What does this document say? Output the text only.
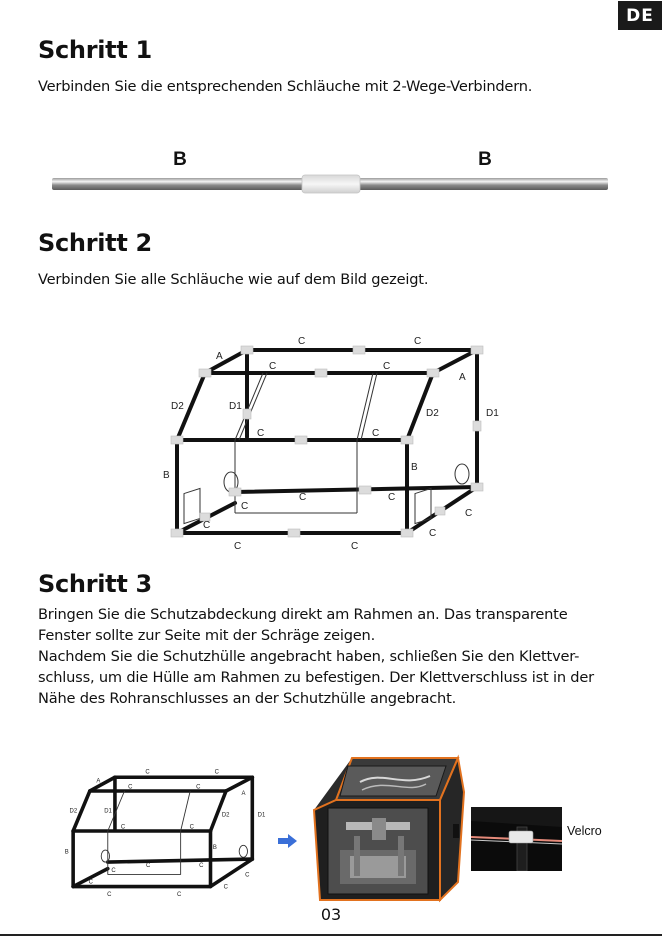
DE
Schritt 1
Verbinden Sie die entsprechenden Schläuche mit 2-Wege-Verbindern.
B	B
Schritt 2
Verbinden Sie alle Schläuche wie auf dem Bild gezeigt.
C	C
A
C	C
A
D2	D1
D2	D1
C	C
B
B
C	C
C
C
C
C
C	C
Schritt 3
Bringen Sie die Schutzabdeckung direkt am Rahmen an. Das transparente
Fenster sollte zur Seite mit der Schräge zeigen.
Nachdem Sie die Schutzhülle angebracht haben, schließen Sie den Klettver-
schluss, um die Hülle am Rahmen zu befestigen. Der Klettverschluss ist in der
Nähe des Rohranschlusses an der Schutzhülle angebracht.
C	C
A
C	C
A
D2	D1
D2	D1
C	C
B
B
C	C
C
C
C
C
C	C
Velcro
03
